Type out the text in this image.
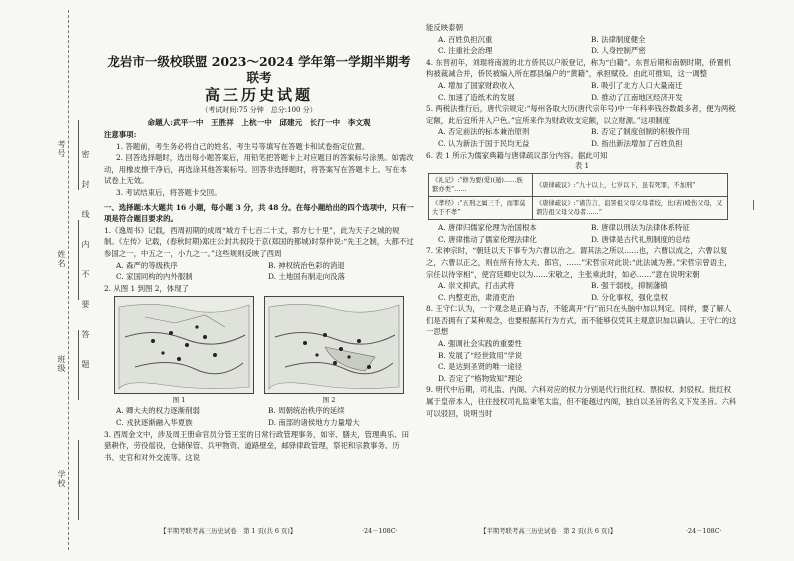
考号
姓名
班级
学校
密
封
线
内
不
要
答
题
龙岩市一级校联盟 2023～2024 学年第一学期半期考联考
高三历史试题
（考试时间:75 分钟　总分:100 分）
命题人:武平一中　王胜祥　上杭一中　邱建元　长汀一中　李文观

注意事项:

1. 答题前，考生务必将自己的姓名、考生号等填写在答题卡和试卷指定位置。

2. 回答选择题时，选出每小题答案后，用铅笔把答题卡上对应题目的答案标号涂黑。如需改动，用橡皮擦干净后，再选涂其他答案标号。回答非选择题时，将答案写在答题卡上。写在本试卷上无效。

3. 考试结束后，将答题卡交回。

一、选择题:本大题共 16 小题，每小题 3 分，共 48 分。在每小题给出的四个选项中，只有一项是符合题目要求的。

1.《逸周书》记载，西周初期的成周“城方千七百二十丈，郛方七十里”，此为天子之城的规制。《左传》记载，(春秋时期)郑庄公封共叔段于京(郑国的都城)时祭仲说:“先王之制，大都不过参国之一，中五之一，小九之一。”这些规则反映了西周

A. 森严的等级秩序	B. 神权统治色彩的消退
C. 家国同构的内外服制	D. 土地国有制走向没落

2. 从图 1 到图 2，体现了

图 1	图 2
A. 卿大夫的权力逐渐削弱	B. 周朝统治秩序的延续
C. 戎狄逐渐融入华夏族	D. 南部的诸侯地方力量增大

3. 西周金文中，涉及周王册命官员分管王室的日常行政管理事务，如宰、膳夫，管理典乐、田猎耕作，劳役徭役，仓储保管、兵甲物资、道路壁垒，邮驿律政管理，祭祀和宗教事务、历书、史官和对外交流等。这说

【半期考联考高三历史试卷　第 1 页(共 6 页)】	·24－108C·

能反映泰朝

A. 百姓负担沉重	B. 法律制度健全
C. 注重社会治理	D. 人身控制严密

4. 东晋初年，刘琨将南渡的北方侨民以户版登记，称为“白籍”。东晋后期和南朝时期，侨置机构被裁减合并，侨民被编入所在郡县编户的“黄籍”，承担赋役。由此可推知，这一调整

A. 增加了国家财政收入	B. 吸引了北方人口大量南迁
C. 加速了造纸术的发展	D. 推动了江南地区经济开发

5. 两税法推行后，唐代宗规定:“每州各取大历(唐代宗年号)中一年科率钱谷数最多者，便为两税定额，此后宜所并入户色。”宜所来作为财政收支定额，以立财源。”这项制度

A. 否定前法的标本兼治原则	B. 否定了制度创制的积极作用
C. 认为新法于国于民均无益	D. 指出新法增加了百姓负担

6. 表 1 所示为儒家典籍与唐律疏议部分内容。据此可知

表 1
《礼记》:“修为要(爱)(遁)……族繁亦类”……	《唐律疏议》:“九十以上，七岁以下，虽有死罪，不加刑”
《孝经》:“五刑之属三千，而罪莫大于不孝”	《唐律疏议》:“诸告言、诅詈祖父母父母者绞，比(若)殴伤父母，又谓告祖父母父母者……”
A. 唐律归儒家伦理为治国根本	B. 唐律以刑法为法律体系特征
C. 唐律推动了儒家伦理法律化	D. 唐律是古代礼刑制度的总结

7. 宋神宗时，“朝廷以天下事专为六曹以治之。谓其法之所以……也，六曹以成之，六曹以复之，六曹以正之，则在所有侍太夫、郎官，……”宋哲宗对此说:“此法诚为善。”宋哲宗曾语主，宗任以待宰相”，使宫廷卿史以为……宋敬之，主张乘此时，如必……”意在说明宋朝

A. 崇文抑武，打击武将	B. 强干弱枝，抑制藩镇
C. 内整吏治，肃清吏治	D. 分化事权，强化皇权

8. 王守仁认为，一个观念是正确与否，不能离开“行”而只在头脑中加以判定。同样，要了解人们是否拥有了某种观念，也要根据其行为方式，而不能够仅凭其主观意识加以确认。王守仁的这一思想

A. 强调社会实践的重要性
B. 发展了“经世致用”学说
C. 是达到圣贤的唯一途径
D. 否定了“格物致知”理论

9. 明代中后期，司礼监、内阁、六科对应的权力分别是代行批红权、票拟权、封驳权。批红权属于皇帝本人，往往授权司礼监秉笔太监，但不能越过内阁，独自以圣旨的名义下发圣旨。六科可以驳回，说明当时

【半期考联考高三历史试卷　第 2 页(共 6 页)】	·24－108C·
